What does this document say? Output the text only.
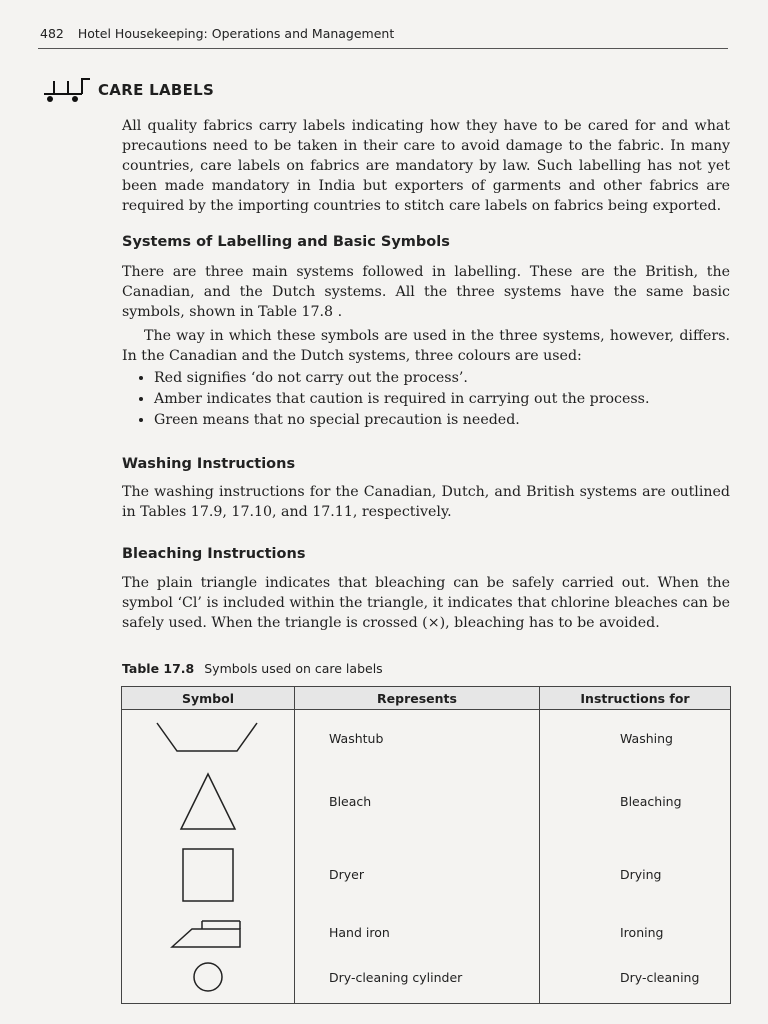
482 Hotel Housekeeping: Operations and Management
CARE LABELS

All quality fabrics carry labels indicating how they have to be cared for and what precautions need to be taken in their care to avoid damage to the fabric. In many countries, care labels on fabrics are mandatory by law. Such labelling has not yet been made mandatory in India but exporters of garments and other fabrics are required by the importing countries to stitch care labels on fabrics being exported.

Systems of Labelling and Basic Symbols

There are three main systems followed in labelling. These are the British, the Canadian, and the Dutch systems. All the three systems have the same basic symbols, shown in Table 17.8 .

The way in which these symbols are used in the three systems, however, differs. In the Canadian and the Dutch systems, three colours are used:

• Red signifies ‘do not carry out the process’.
• Amber indicates that caution is required in carrying out the process.
• Green means that no special precaution is needed.
Washing Instructions

The washing instructions for the Canadian, Dutch, and British systems are outlined in Tables 17.9, 17.10, and 17.11, respectively.

Bleaching Instructions

The plain triangle indicates that bleaching can be safely carried out. When the symbol ‘Cl’ is included within the triangle, it indicates that chlorine bleaches can be safely used. When the triangle is crossed (×), bleaching has to be avoided.

Table 17.8 Symbols used on care labels
Symbol	Represents	Instructions for

	Washtub	Washing

	Bleach	Bleaching

	Dryer	Drying

	Hand iron	Ironing

	Dry-cleaning cylinder	Dry-cleaning
